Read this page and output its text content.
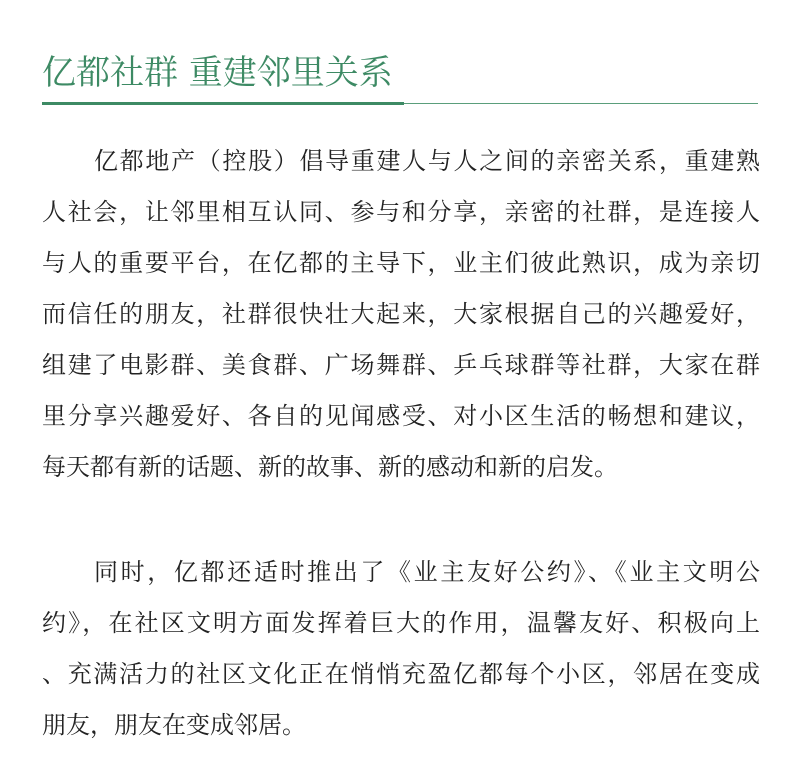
亿都社群 重建邻里关系

亿都地产（控股）倡导重建人与人之间的亲密关系，重建熟
人社会，让邻里相互认同、参与和分享，亲密的社群，是连接人
与人的重要平台，在亿都的主导下，业主们彼此熟识，成为亲切
而信任的朋友，社群很快壮大起来，大家根据自己的兴趣爱好，
组建了电影群、美食群、广场舞群、乒乓球群等社群，大家在群
里分享兴趣爱好、各自的见闻感受、对小区生活的畅想和建议，
每天都有新的话题、新的故事、新的感动和新的启发。

同时，亿都还适时推出了《业主友好公约》、《业主文明公
约》，在社区文明方面发挥着巨大的作用，温馨友好、积极向上
、充满活力的社区文化正在悄悄充盈亿都每个小区，邻居在变成
朋友，朋友在变成邻居。
